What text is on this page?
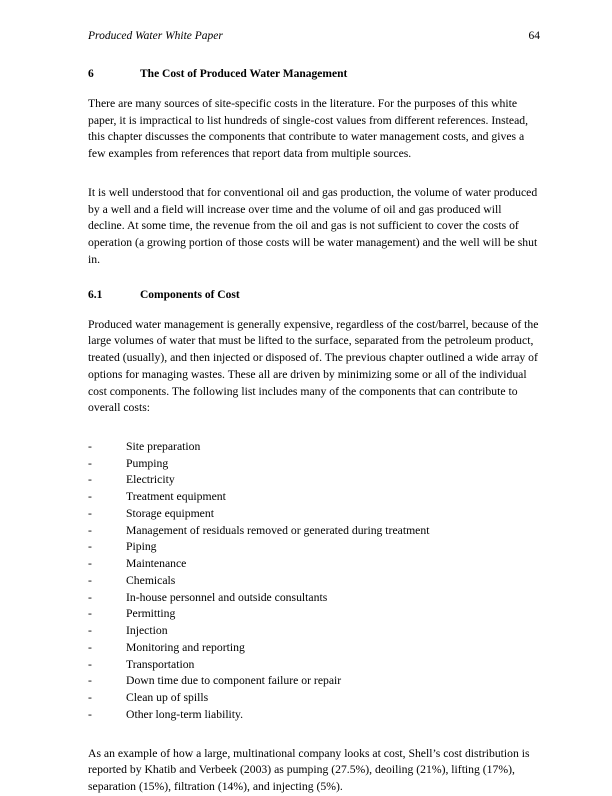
Produced Water White Paper	64
6	The Cost of Produced Water Management

There are many sources of site-specific costs in the literature. For the purposes of this white paper, it is impractical to list hundreds of single-cost values from different references. Instead, this chapter discusses the components that contribute to water management costs, and gives a few examples from references that report data from multiple sources.

It is well understood that for conventional oil and gas production, the volume of water produced by a well and a field will increase over time and the volume of oil and gas produced will decline. At some time, the revenue from the oil and gas is not sufficient to cover the costs of operation (a growing portion of those costs will be water management) and the well will be shut in.

6.1	Components of Cost

Produced water management is generally expensive, regardless of the cost/barrel, because of the large volumes of water that must be lifted to the surface, separated from the petroleum product, treated (usually), and then injected or disposed of. The previous chapter outlined a wide array of options for managing wastes. These all are driven by minimizing some or all of the individual cost components. The following list includes many of the components that can contribute to overall costs:

-	Site preparation
-	Pumping
-	Electricity
-	Treatment equipment
-	Storage equipment
-	Management of residuals removed or generated during treatment
-	Piping
-	Maintenance
-	Chemicals
-	In-house personnel and outside consultants
-	Permitting
-	Injection
-	Monitoring and reporting
-	Transportation
-	Down time due to component failure or repair
-	Clean up of spills
-	Other long-term liability.

As an example of how a large, multinational company looks at cost, Shell’s cost distribution is reported by Khatib and Verbeek (2003) as pumping (27.5%), deoiling (21%), lifting (17%), separation (15%), filtration (14%), and injecting (5%).
